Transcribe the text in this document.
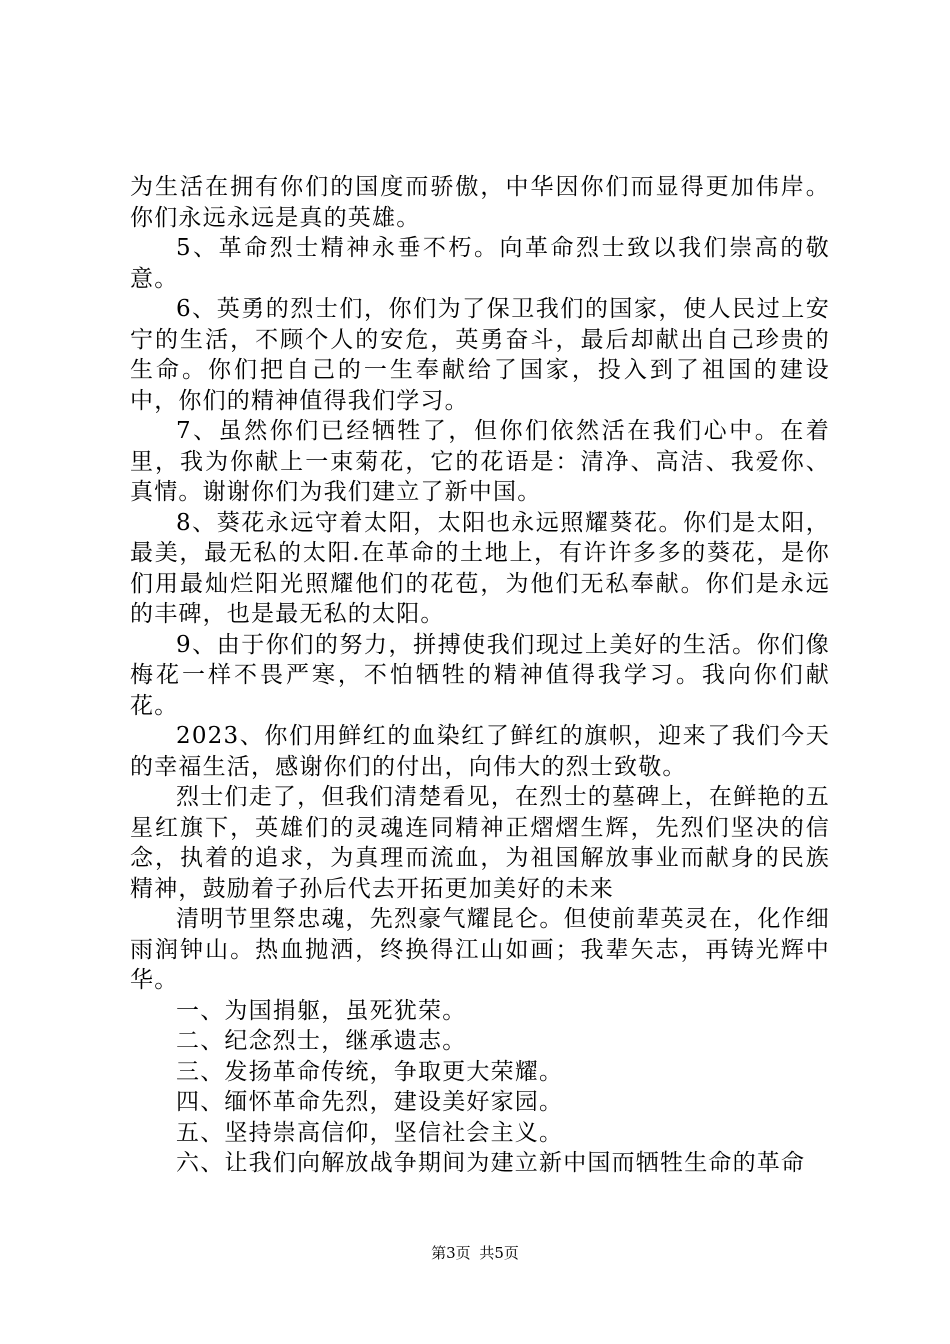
为生活在拥有你们的国度而骄傲，中华因你们而显得更加伟岸。你们永远永远是真的英雄。

5、革命烈士精神永垂不朽。向革命烈士致以我们崇高的敬意。

6、英勇的烈士们，你们为了保卫我们的国家，使人民过上安宁的生活，不顾个人的安危，英勇奋斗，最后却献出自己珍贵的生命。你们把自己的一生奉献给了国家，投入到了祖国的建设中，你们的精神值得我们学习。

7、虽然你们已经牺牲了，但你们依然活在我们心中。在着里，我为你献上一束菊花，它的花语是：清净、高洁、我爱你、真情。谢谢你们为我们建立了新中国。

8、葵花永远守着太阳，太阳也永远照耀葵花。你们是太阳，最美，最无私的太阳.在革命的土地上，有许许多多的葵花，是你们用最灿烂阳光照耀他们的花苞，为他们无私奉献。你们是永远的丰碑，也是最无私的太阳。

9、由于你们的努力，拼搏使我们现过上美好的生活。你们像梅花一样不畏严寒，不怕牺牲的精神值得我学习。我向你们献花。

2023、你们用鲜红的血染红了鲜红的旗帜，迎来了我们今天的幸福生活，感谢你们的付出，向伟大的烈士致敬。

烈士们走了，但我们清楚看见，在烈士的墓碑上，在鲜艳的五星红旗下，英雄们的灵魂连同精神正熠熠生辉，先烈们坚决的信念，执着的追求，为真理而流血，为祖国解放事业而献身的民族精神，鼓励着子孙后代去开拓更加美好的未来

清明节里祭忠魂，先烈豪气耀昆仑。但使前辈英灵在，化作细雨润钟山。热血抛洒，终换得江山如画；我辈矢志，再铸光辉中华。

一、为国捐躯，虽死犹荣。

二、纪念烈士，继承遗志。

三、发扬革命传统，争取更大荣耀。

四、缅怀革命先烈，建设美好家园。

五、坚持崇高信仰，坚信社会主义。

六、让我们向解放战争期间为建立新中国而牺牲生命的革命

第3页 共5页
